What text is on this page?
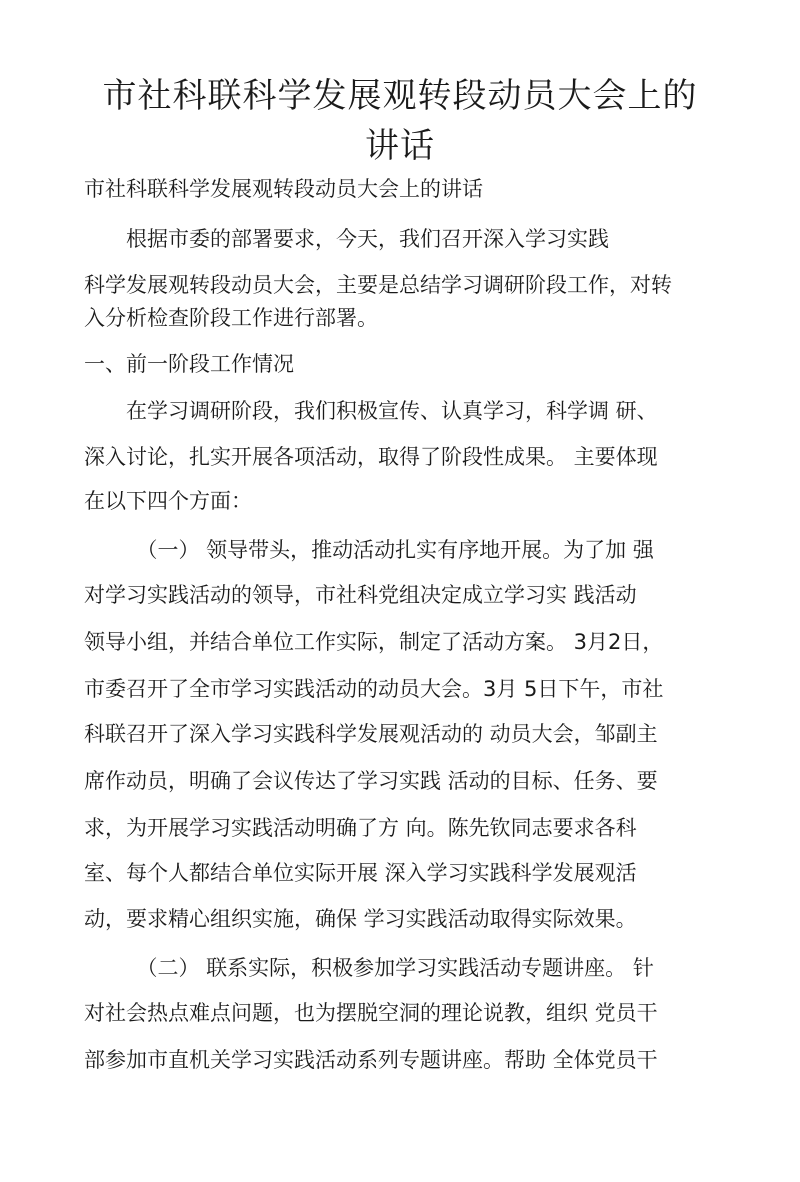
市社科联科学发展观转段动员大会上的
讲话

市社科联科学发展观转段动员大会上的讲话

　　根据市委的部署要求，今天，我们召开深入学习实践

科学发展观转段动员大会，主要是总结学习调研阶段工作，对转

入分析检查阶段工作进行部署。

一、前一阶段工作情况

　　在学习调研阶段，我们积极宣传、认真学习，科学调 研、

深入讨论，扎实开展各项活动，取得了阶段性成果。 主要体现

在以下四个方面：

　　　（一） 领导带头，推动活动扎实有序地开展。为了加 强

对学习实践活动的领导，市社科党组决定成立学习实 践活动

领导小组，并结合单位工作实际，制定了活动方案。 3月2日，

市委召开了全市学习实践活动的动员大会。3月 5日下午，市社

科联召开了深入学习实践科学发展观活动的 动员大会，邹副主

席作动员，明确了会议传达了学习实践 活动的目标、任务、要

求，为开展学习实践活动明确了方 向。陈先钦同志要求各科

室、每个人都结合单位实际开展 深入学习实践科学发展观活

动，要求精心组织实施，确保 学习实践活动取得实际效果。

　　　（二） 联系实际，积极参加学习实践活动专题讲座。 针

对社会热点难点问题，也为摆脱空洞的理论说教，组织 党员干

部参加市直机关学习实践活动系列专题讲座。帮助 全体党员干
